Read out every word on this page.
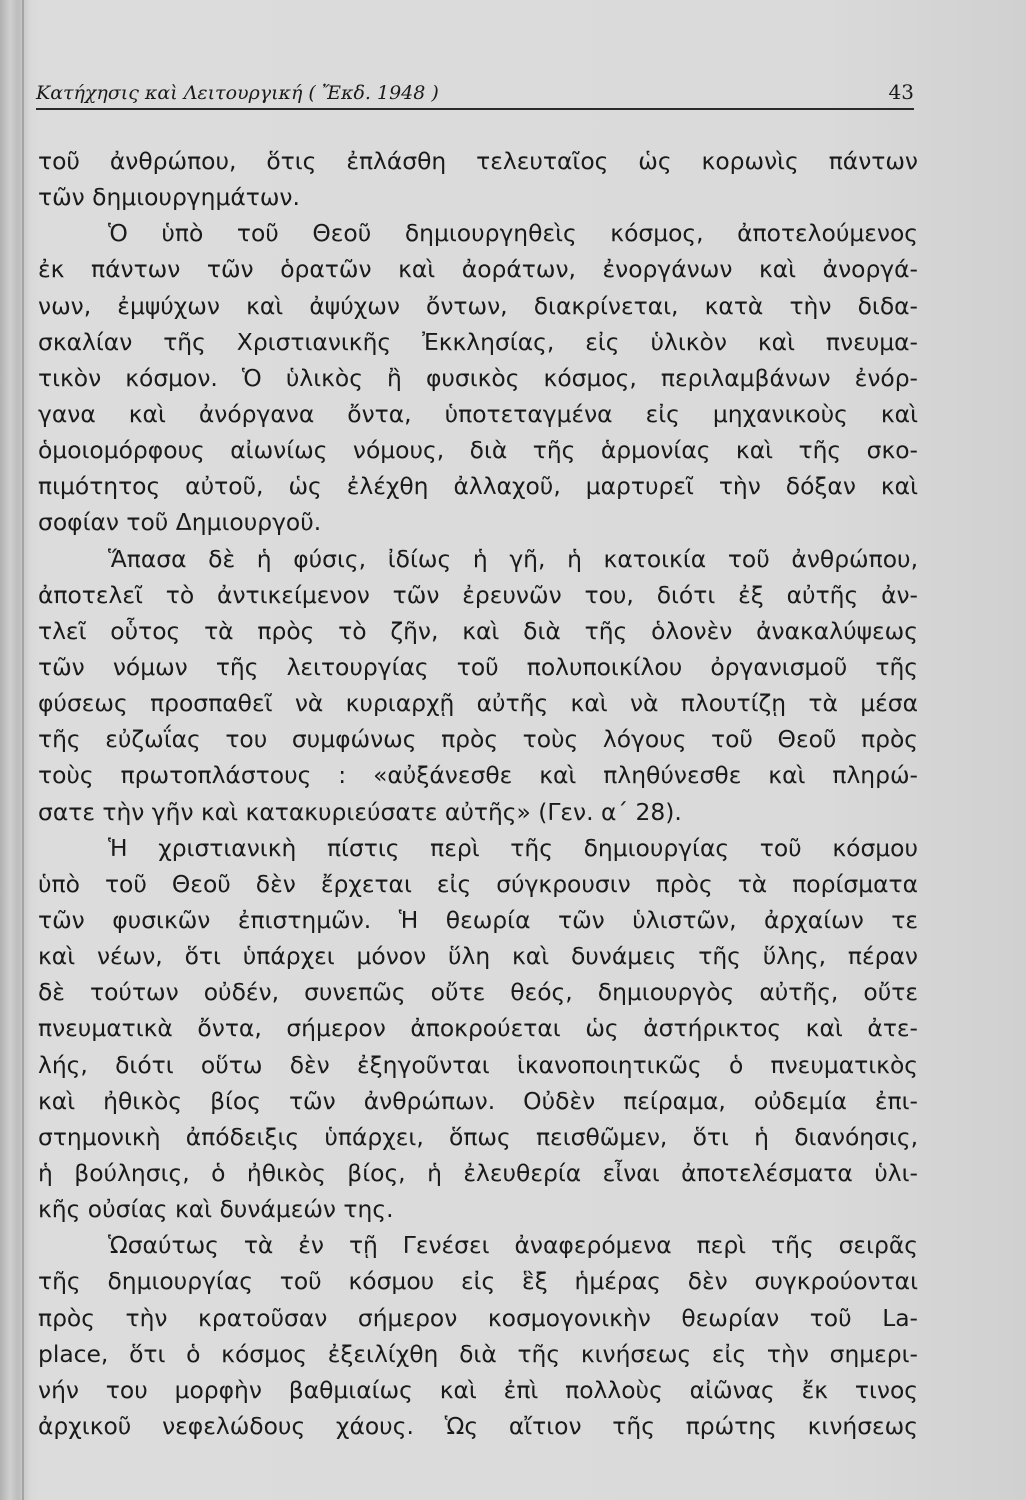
Κατήχησις καὶ Λειτουργική ( Ἔκδ. 1948 )	43
τοῦ ἀνθρώπου, ὅτις ἐπλάσθη τελευταῖος ὡς κορωνὶς πάντων
τῶν δημιουργημάτων.
Ὁ ὑπὸ τοῦ Θεοῦ δημιουργηθεὶς κόσμος, ἀποτελούμενος
ἐκ πάντων τῶν ὁρατῶν καὶ ἀοράτων, ἐνοργάνων καὶ ἀνοργά-
νων, ἐμψύχων καὶ ἀψύχων ὄντων, διακρίνεται, κατὰ τὴν διδα-
σκαλίαν τῆς Χριστιανικῆς Ἐκκλησίας, εἰς ὑλικὸν καὶ πνευμα-
τικὸν κόσμον. Ὁ ὑλικὸς ἢ φυσικὸς κόσμος, περιλαμβάνων ἐνόρ-
γανα καὶ ἀνόργανα ὄντα, ὑποτεταγμένα εἰς μηχανικοὺς καὶ
ὁμοιομόρφους αἰωνίως νόμους, διὰ τῆς ἁρμονίας καὶ τῆς σκο-
πιμότητος αὐτοῦ, ὡς ἐλέχθη ἀλλαχοῦ, μαρτυρεῖ τὴν δόξαν καὶ
σοφίαν τοῦ Δημιουργοῦ.
Ἅπασα δὲ ἡ φύσις, ἰδίως ἡ γῆ, ἡ κατοικία τοῦ ἀνθρώπου,
ἀποτελεῖ τὸ ἀντικείμενον τῶν ἐρευνῶν του, διότι ἐξ αὐτῆς ἀν-
τλεῖ οὗτος τὰ πρὸς τὸ ζῆν, καὶ διὰ τῆς ὁλονὲν ἀνακαλύψεως
τῶν νόμων τῆς λειτουργίας τοῦ πολυποικίλου ὀργανισμοῦ τῆς
φύσεως προσπαθεῖ νὰ κυριαρχῇ αὐτῆς καὶ νὰ πλουτίζῃ τὰ μέσα
τῆς εὐζωΐας του συμφώνως πρὸς τοὺς λόγους τοῦ Θεοῦ πρὸς
τοὺς πρωτοπλάστους : «αὐξάνεσθε καὶ πληθύνεσθε καὶ πληρώ-
σατε τὴν γῆν καὶ κατακυριεύσατε αὐτῆς» (Γεν. α΄ 28).
Ἡ χριστιανικὴ πίστις περὶ τῆς δημιουργίας τοῦ κόσμου
ὑπὸ τοῦ Θεοῦ δὲν ἔρχεται εἰς σύγκρουσιν πρὸς τὰ πορίσματα
τῶν φυσικῶν ἐπιστημῶν. Ἡ θεωρία τῶν ὑλιστῶν, ἀρχαίων τε
καὶ νέων, ὅτι ὑπάρχει μόνον ὕλη καὶ δυνάμεις τῆς ὕλης, πέραν
δὲ τούτων οὐδέν, συνεπῶς οὔτε θεός, δημιουργὸς αὐτῆς, οὔτε
πνευματικὰ ὄντα, σήμερον ἀποκρούεται ὡς ἀστήρικτος καὶ ἀτε-
λής, διότι οὕτω δὲν ἐξηγοῦνται ἱκανοποιητικῶς ὁ πνευματικὸς
καὶ ἠθικὸς βίος τῶν ἀνθρώπων. Οὐδὲν πείραμα, οὐδεμία ἐπι-
στημονικὴ ἀπόδειξις ὑπάρχει, ὅπως πεισθῶμεν, ὅτι ἡ διανόησις,
ἡ βούλησις, ὁ ἠθικὸς βίος, ἡ ἐλευθερία εἶναι ἀποτελέσματα ὑλι-
κῆς οὐσίας καὶ δυνάμεών της.
Ὡσαύτως τὰ ἐν τῇ Γενέσει ἀναφερόμενα περὶ τῆς σειρᾶς
τῆς δημιουργίας τοῦ κόσμου εἰς ἓξ ἡμέρας δὲν συγκρούονται
πρὸς τὴν κρατοῦσαν σήμερον κοσμογονικὴν θεωρίαν τοῦ La-
place, ὅτι ὁ κόσμος ἐξειλίχθη διὰ τῆς κινήσεως εἰς τὴν σημερι-
νήν του μορφὴν βαθμιαίως καὶ ἐπὶ πολλοὺς αἰῶνας ἔκ τινος
ἀρχικοῦ νεφελώδους χάους. Ὡς αἴτιον τῆς πρώτης κινήσεως
